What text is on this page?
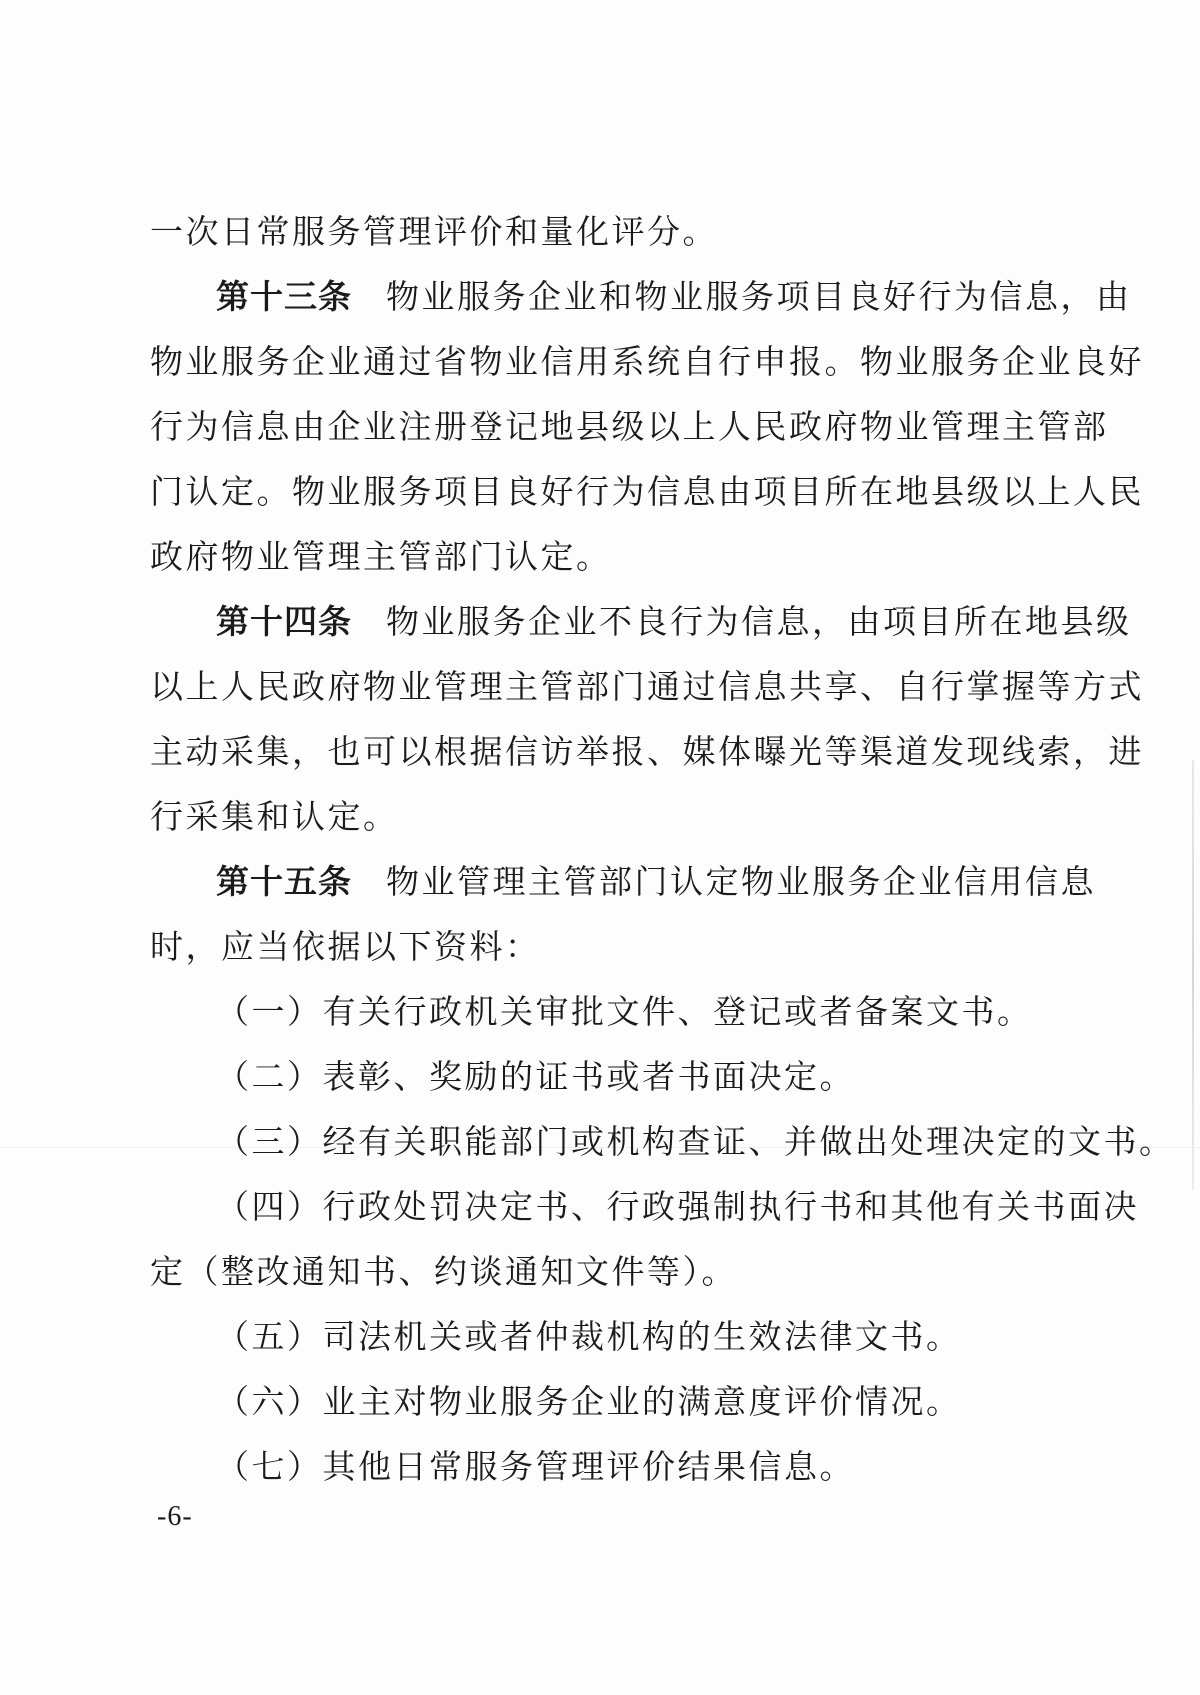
一次日常服务管理评价和量化评分。
第十三条 物业服务企业和物业服务项目良好行为信息，由
物业服务企业通过省物业信用系统自行申报。物业服务企业良好
行为信息由企业注册登记地县级以上人民政府物业管理主管部
门认定。物业服务项目良好行为信息由项目所在地县级以上人民
政府物业管理主管部门认定。
第十四条 物业服务企业不良行为信息，由项目所在地县级
以上人民政府物业管理主管部门通过信息共享、自行掌握等方式
主动采集，也可以根据信访举报、媒体曝光等渠道发现线索，进
行采集和认定。
第十五条 物业管理主管部门认定物业服务企业信用信息
时，应当依据以下资料：
（一）有关行政机关审批文件、登记或者备案文书。
（二）表彰、奖励的证书或者书面决定。
（三）经有关职能部门或机构查证、并做出处理决定的文书。
（四）行政处罚决定书、行政强制执行书和其他有关书面决
定（整改通知书、约谈通知文件等）。
（五）司法机关或者仲裁机构的生效法律文书。
（六）业主对物业服务企业的满意度评价情况。
（七）其他日常服务管理评价结果信息。
-6-
